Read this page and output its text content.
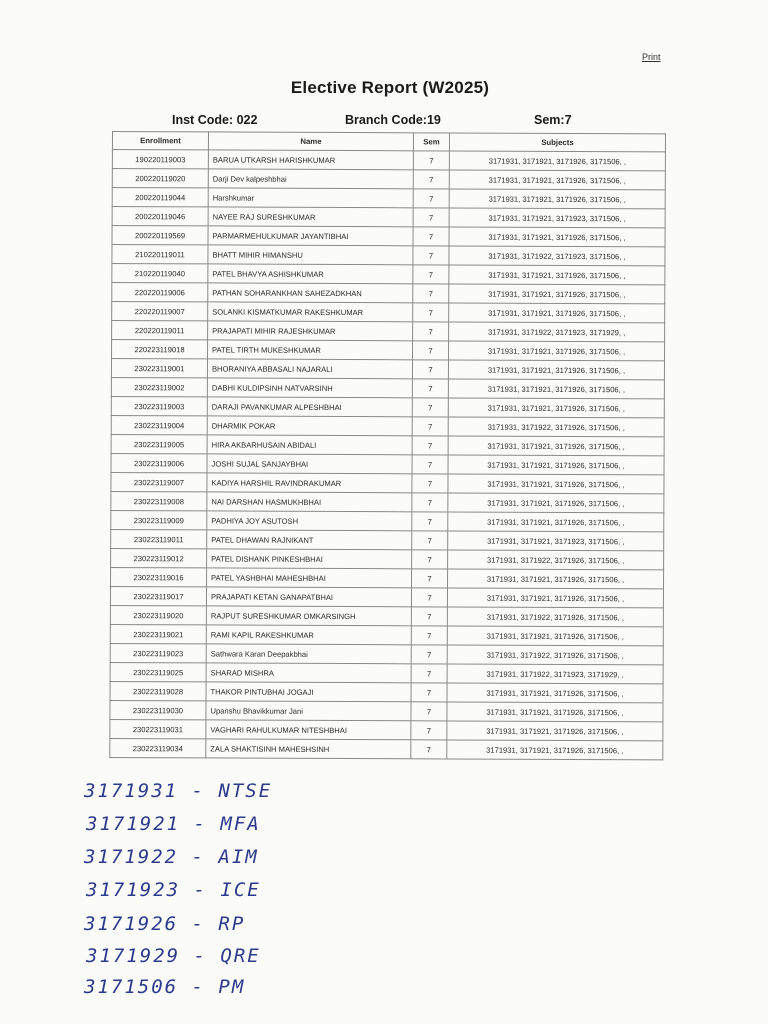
Print
Elective Report (W2025)
Inst Code: 022	Branch Code:19	Sem:7
Enrollment	Name	Sem	Subjects
190220119003	BARUA UTKARSH HARISHKUMAR	7	3171931, 3171921, 3171926, 3171506, ,
200220119020	Darji Dev kalpeshbhai	7	3171931, 3171921, 3171926, 3171506, ,
200220119044	Harshkumar	7	3171931, 3171921, 3171926, 3171506, ,
200220119046	NAYEE RAJ SURESHKUMAR	7	3171931, 3171921, 3171923, 3171506, ,
200220119569	PARMARMEHULKUMAR JAYANTIBHAI	7	3171931, 3171921, 3171926, 3171506, ,
210220119011	BHATT MIHIR HIMANSHU	7	3171931, 3171922, 3171923, 3171506, ,
210220119040	PATEL BHAVYA ASHISHKUMAR	7	3171931, 3171921, 3171926, 3171506, ,
220220119006	PATHAN SOHARANKHAN SAHEZADKHAN	7	3171931, 3171921, 3171926, 3171506, ,
220220119007	SOLANKI KISMATKUMAR RAKESHKUMAR	7	3171931, 3171921, 3171926, 3171506, ,
220220119011	PRAJAPATI MIHIR RAJESHKUMAR	7	3171931, 3171922, 3171923, 3171929, ,
220223119018	PATEL TIRTH MUKESHKUMAR	7	3171931, 3171921, 3171926, 3171506, ,
230223119001	BHORANIYA ABBASALI NAJARALI	7	3171931, 3171921, 3171926, 3171506, ,
230223119002	DABHI KULDIPSINH NATVARSINH	7	3171931, 3171921, 3171926, 3171506, ,
230223119003	DARAJI PAVANKUMAR ALPESHBHAI	7	3171931, 3171921, 3171926, 3171506, ,
230223119004	DHARMIK POKAR	7	3171931, 3171922, 3171926, 3171506, ,
230223119005	HIRA AKBARHUSAIN ABIDALI	7	3171931, 3171921, 3171926, 3171506, ,
230223119006	JOSHI SUJAL SANJAYBHAI	7	3171931, 3171921, 3171926, 3171506, ,
230223119007	KADIYA HARSHIL RAVINDRAKUMAR	7	3171931, 3171921, 3171926, 3171506, ,
230223119008	NAI DARSHAN HASMUKHBHAI	7	3171931, 3171921, 3171926, 3171506, ,
230223119009	PADHIYA JOY ASUTOSH	7	3171931, 3171921, 3171926, 3171506, ,
230223119011	PATEL DHAWAN RAJNIKANT	7	3171931, 3171921, 3171923, 3171506, ,
230223119012	PATEL DISHANK PINKESHBHAI	7	3171931, 3171922, 3171926, 3171506, ,
230223119016	PATEL YASHBHAI MAHESHBHAI	7	3171931, 3171921, 3171926, 3171506, ,
230223119017	PRAJAPATI KETAN GANAPATBHAI	7	3171931, 3171921, 3171926, 3171506, ,
230223119020	RAJPUT SURESHKUMAR OMKARSINGH	7	3171931, 3171922, 3171926, 3171506, ,
230223119021	RAMI KAPIL RAKESHKUMAR	7	3171931, 3171921, 3171926, 3171506, ,
230223119023	Sathwara Karan Deepakbhai	7	3171931, 3171922, 3171926, 3171506, ,
230223119025	SHARAD MISHRA	7	3171931, 3171922, 3171923, 3171929, ,
230223119028	THAKOR PINTUBHAI JOGAJI	7	3171931, 3171921, 3171926, 3171506, ,
230223119030	Upanshu Bhavikkumar Jani	7	3171931, 3171921, 3171926, 3171506, ,
230223119031	VAGHARI RAHULKUMAR NITESHBHAI	7	3171931, 3171921, 3171926, 3171506, ,
230223119034	ZALA SHAKTISINH MAHESHSINH	7	3171931, 3171921, 3171926, 3171506, ,
3171931 - NTSE
3171921 - MFA
3171922 - AIM
3171923 - ICE
3171926 - RP
3171929 - QRE
3171506 - PM
